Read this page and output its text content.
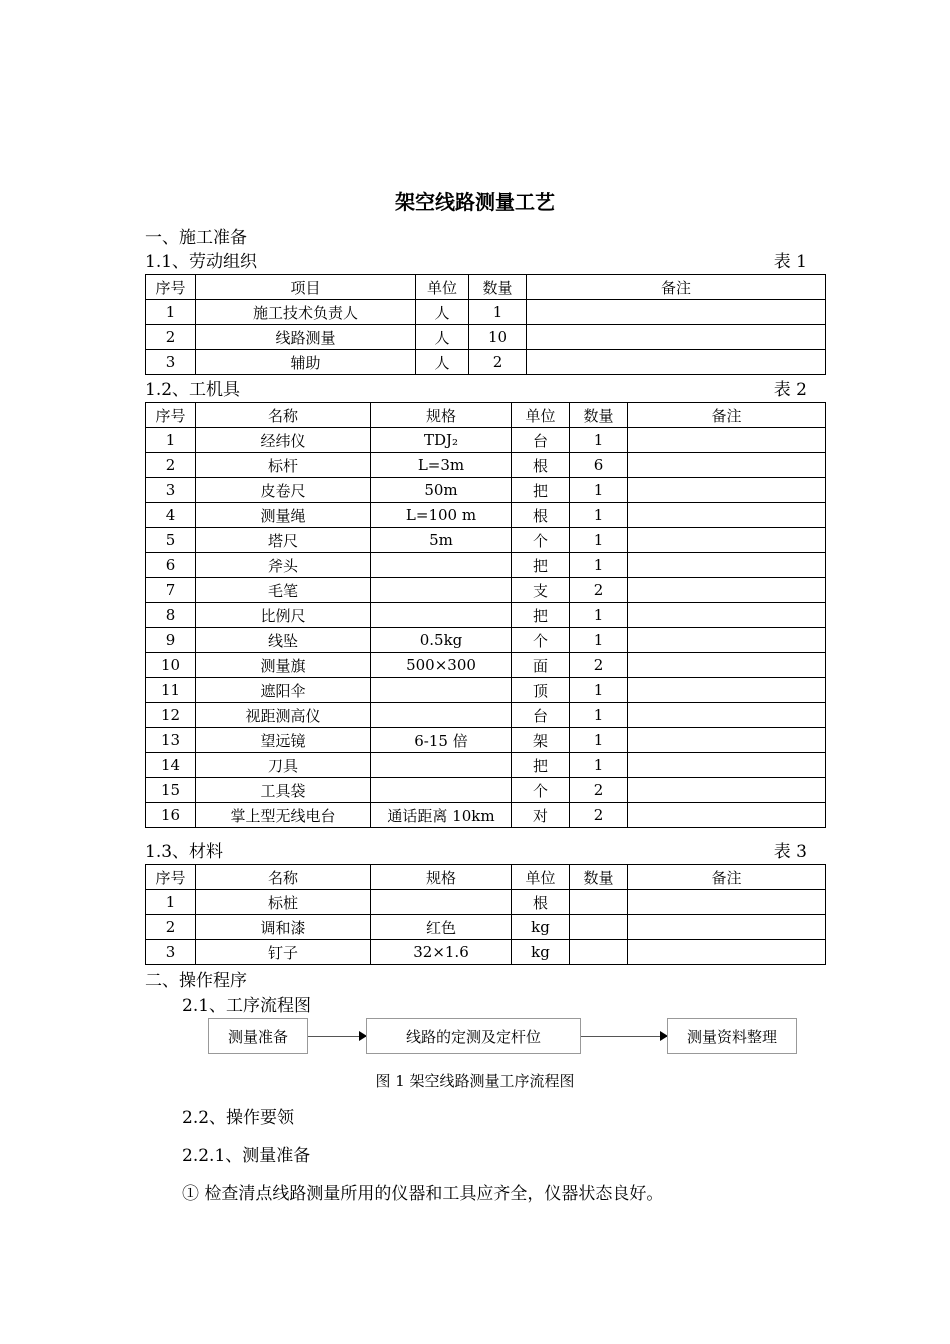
架空线路测量工艺
一、施工准备
1.1、劳动组织	表 1
序号	项目	单位	数量	备注
1	施工技术负责人	人	1	
2	线路测量	人	10	
3	辅助	人	2	
1.2、工机具	表 2
序号	名称	规格	单位	数量	备注
1	经纬仪	TDJ₂	台	1	
2	标杆	L=3m	根	6	
3	皮卷尺	50m	把	1	
4	测量绳	L=100 m	根	1	
5	塔尺	5m	个	1	
6	斧头		把	1	
7	毛笔		支	2	
8	比例尺		把	1	
9	线坠	0.5kg	个	1	
10	测量旗	500×300	面	2	
11	遮阳伞		顶	1	
12	视距测高仪		台	1	
13	望远镜	6-15 倍	架	1	
14	刀具		把	1	
15	工具袋		个	2	
16	掌上型无线电台	通话距离 10km	对	2	
1.3、材料	表 3
序号	名称	规格	单位	数量	备注
1	标桩		根		
2	调和漆	红色	kg		
3	钉子	32×1.6	kg		
二、操作程序
2.1、工序流程图
测量准备	线路的定测及定杆位	测量资料整理
图 1 架空线路测量工序流程图
2.2、操作要领
2.2.1、测量准备
① 检查清点线路测量所用的仪器和工具应齐全，仪器状态良好。
